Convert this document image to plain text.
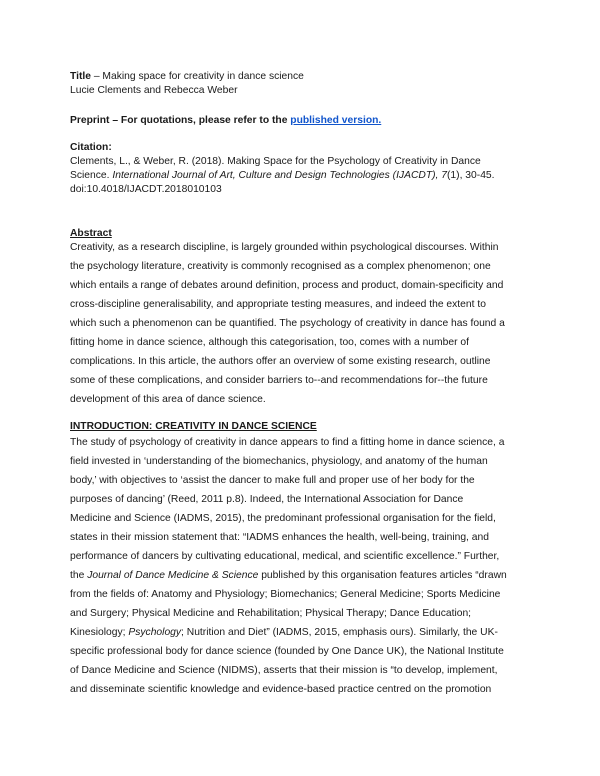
Title – Making space for creativity in dance science
Lucie Clements and Rebecca Weber
Preprint – For quotations, please refer to the published version.
Citation:
Clements, L., & Weber, R. (2018). Making Space for the Psychology of Creativity in Dance
Science. International Journal of Art, Culture and Design Technologies (IJACDT), 7(1), 30-45.
doi:10.4018/IJACDT.2018010103
Abstract
Creativity, as a research discipline, is largely grounded within psychological discourses. Within
the psychology literature, creativity is commonly recognised as a complex phenomenon; one
which entails a range of debates around definition, process and product, domain-specificity and
cross-discipline generalisability, and appropriate testing measures, and indeed the extent to
which such a phenomenon can be quantified. The psychology of creativity in dance has found a
fitting home in dance science, although this categorisation, too, comes with a number of
complications. In this article, the authors offer an overview of some existing research, outline
some of these complications, and consider barriers to--and recommendations for--the future
development of this area of dance science.
INTRODUCTION: CREATIVITY IN DANCE SCIENCE
The study of psychology of creativity in dance appears to find a fitting home in dance science, a
field invested in ‘understanding of the biomechanics, physiology, and anatomy of the human
body,’ with objectives to ‘assist the dancer to make full and proper use of her body for the
purposes of dancing’ (Reed, 2011 p.8). Indeed, the International Association for Dance
Medicine and Science (IADMS, 2015), the predominant professional organisation for the field,
states in their mission statement that: “IADMS enhances the health, well-being, training, and
performance of dancers by cultivating educational, medical, and scientific excellence.” Further,
the Journal of Dance Medicine & Science published by this organisation features articles “drawn
from the fields of: Anatomy and Physiology; Biomechanics; General Medicine; Sports Medicine
and Surgery; Physical Medicine and Rehabilitation; Physical Therapy; Dance Education;
Kinesiology; Psychology; Nutrition and Diet” (IADMS, 2015, emphasis ours). Similarly, the UK-
specific professional body for dance science (founded by One Dance UK), the National Institute
of Dance Medicine and Science (NIDMS), asserts that their mission is “to develop, implement,
and disseminate scientific knowledge and evidence-based practice centred on the promotion
